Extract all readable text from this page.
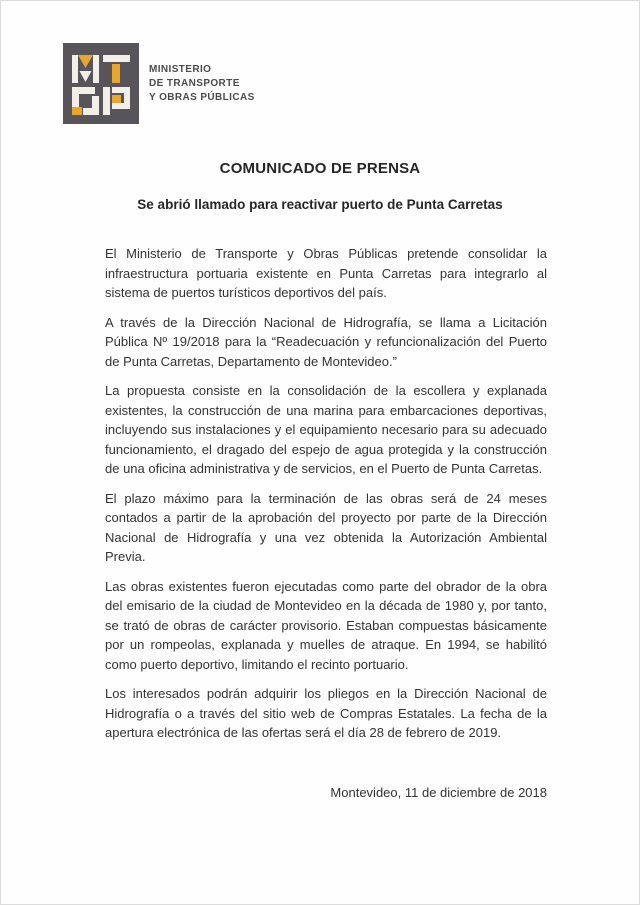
MINISTERIO
DE TRANSPORTE
Y OBRAS PÚBLICAS
COMUNICADO DE PRENSA
Se abrió llamado para reactivar puerto de Punta Carretas

El Ministerio de Transporte y Obras Públicas pretende consolidar la infraestructura portuaria existente en Punta Carretas para integrarlo al sistema de puertos turísticos deportivos del país.

A través de la Dirección Nacional de Hidrografía, se llama a Licitación Pública Nº 19/2018 para la “Readecuación y refuncionalización del Puerto de Punta Carretas, Departamento de Montevideo.”

La propuesta consiste en la consolidación de la escollera y explanada existentes, la construcción de una marina para embarcaciones deportivas, incluyendo sus instalaciones y el equipamiento necesario para su adecuado funcionamiento, el dragado del espejo de agua protegida y la construcción de una oficina administrativa y de servicios, en el Puerto de Punta Carretas.

El plazo máximo para la terminación de las obras será de 24 meses contados a partir de la aprobación del proyecto por parte de la Dirección Nacional de Hidrografía y una vez obtenida la Autorización Ambiental Previa.

Las obras existentes fueron ejecutadas como parte del obrador de la obra del emisario de la ciudad de Montevideo en la década de 1980 y, por tanto, se trató de obras de carácter provisorio. Estaban compuestas básicamente por un rompeolas, explanada y muelles de atraque. En 1994, se habilitó como puerto deportivo, limitando el recinto portuario.

Los interesados podrán adquirir los pliegos en la Dirección Nacional de Hidrografía o a través del sitio web de Compras Estatales. La fecha de la apertura electrónica de las ofertas será el día 28 de febrero de 2019.

Montevideo, 11 de diciembre de 2018
